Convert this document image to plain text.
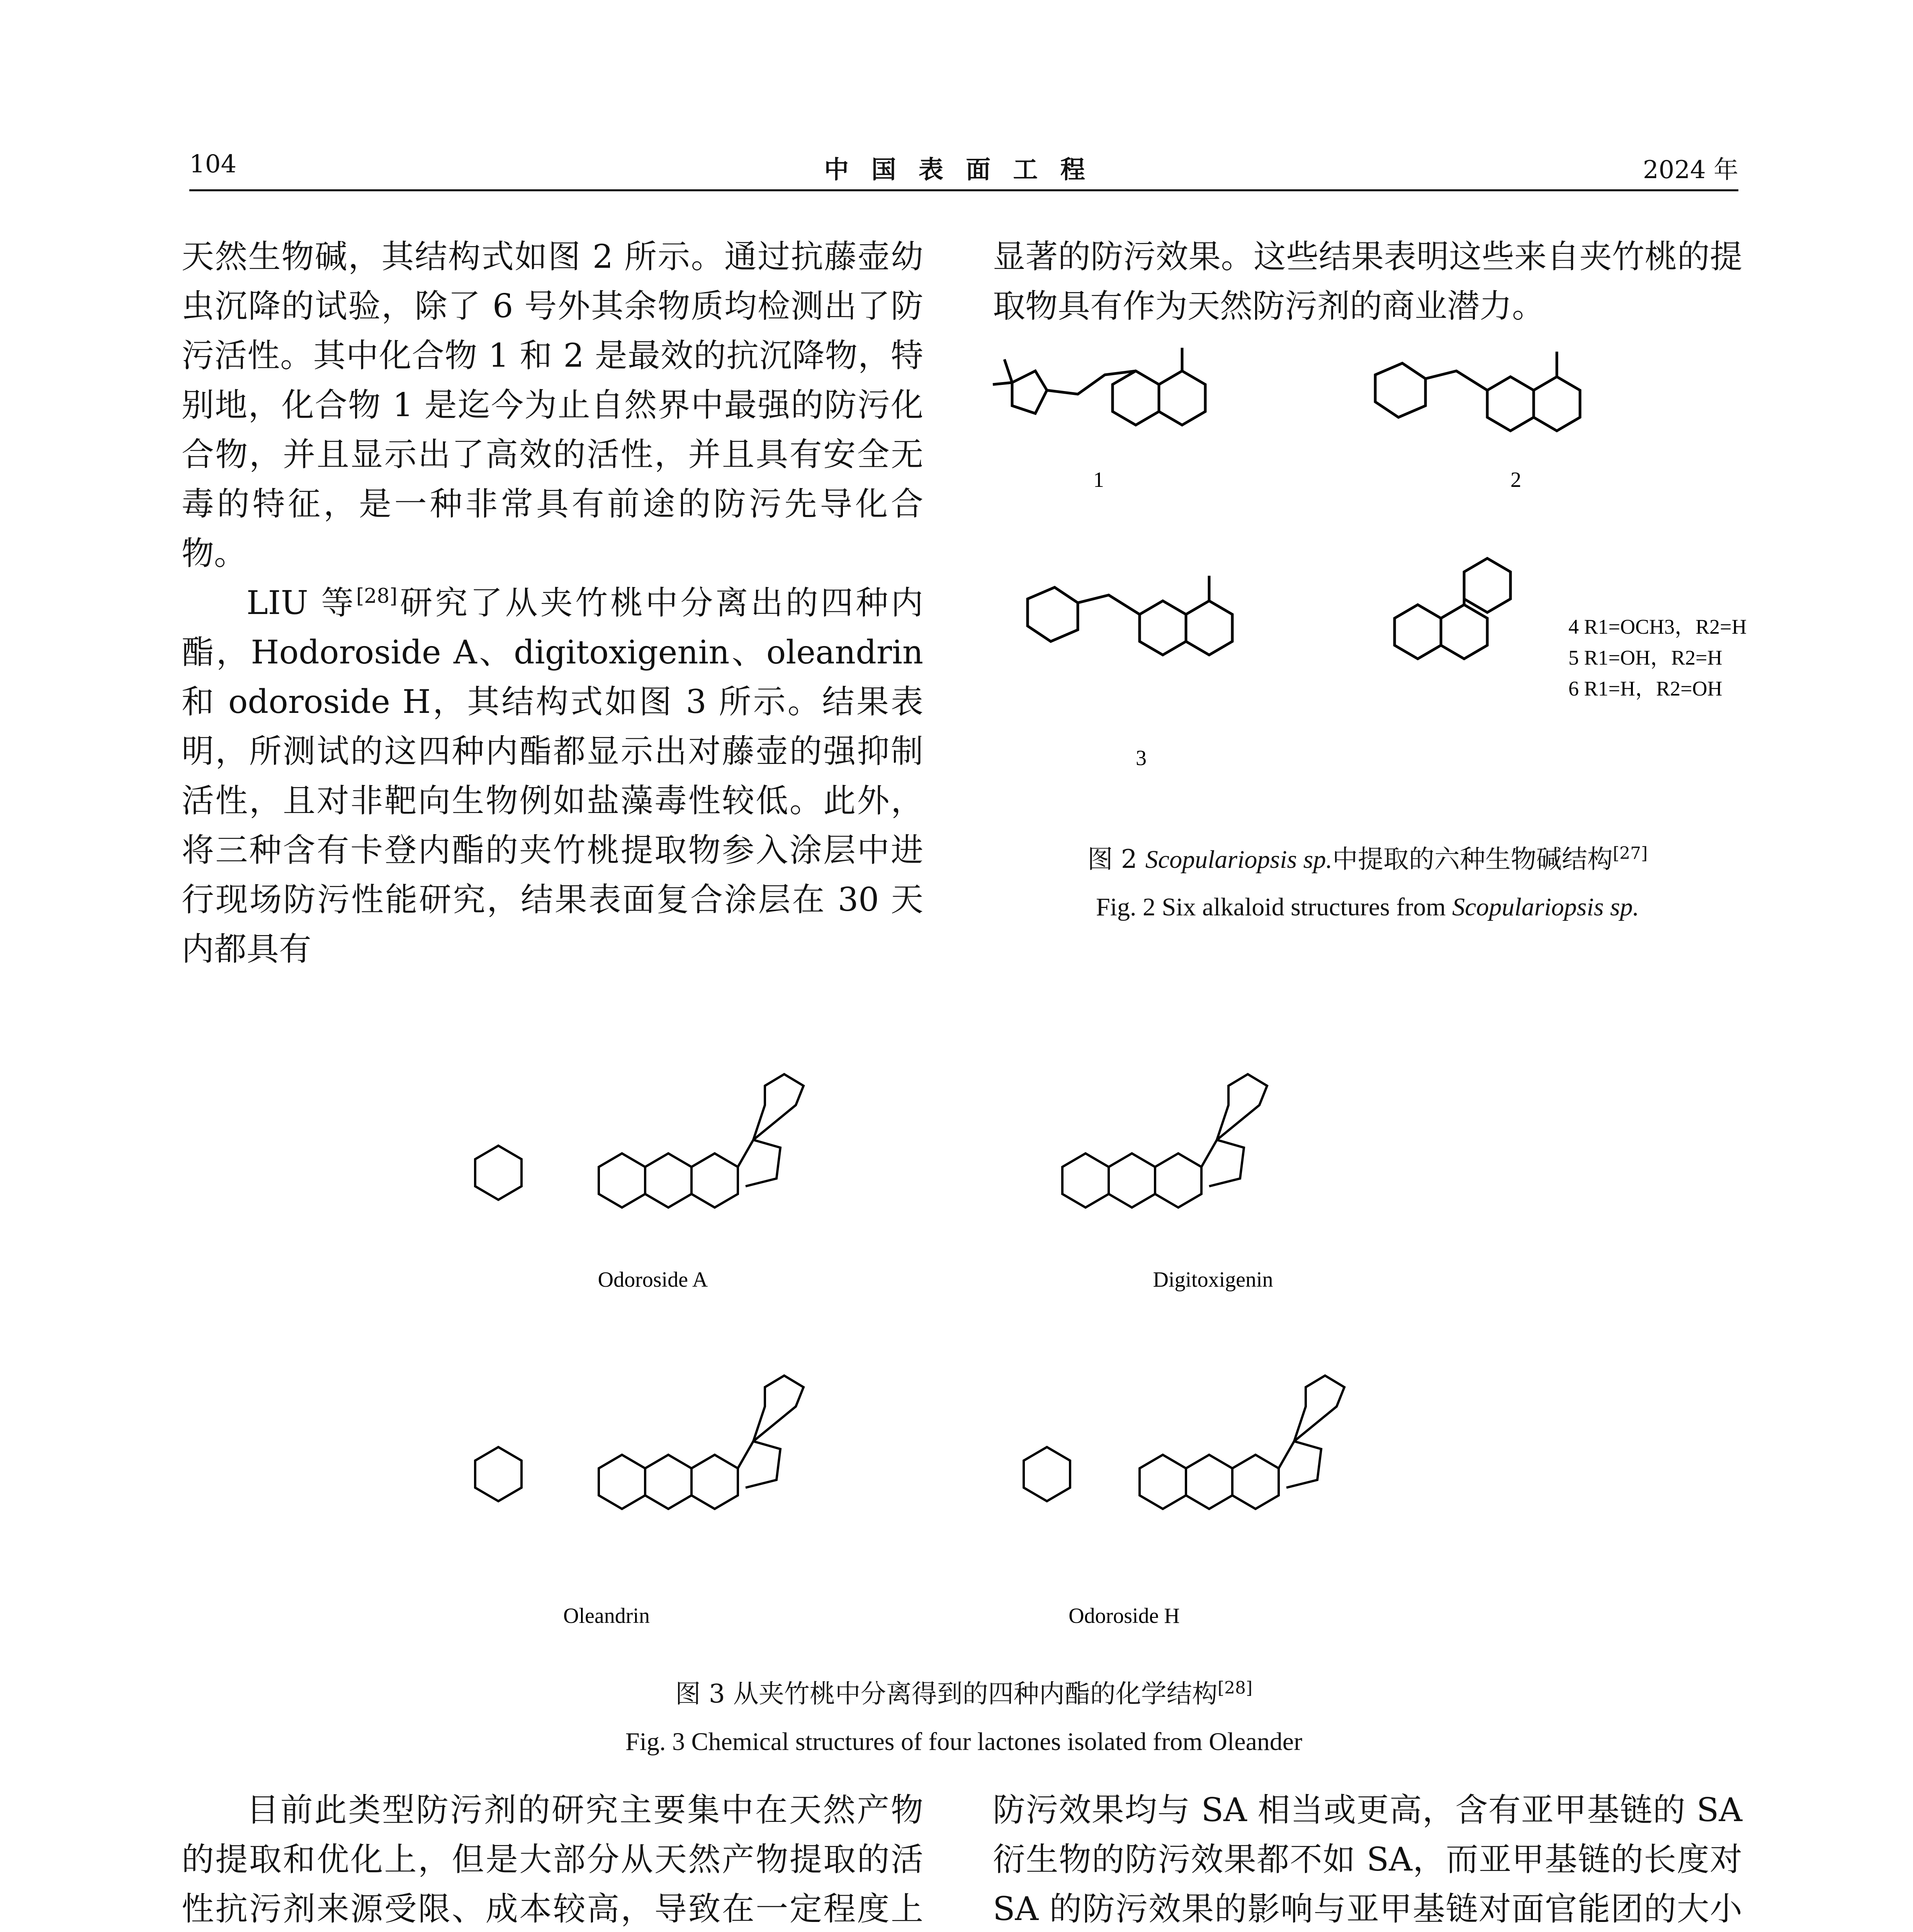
104	中 国 表 面 工 程	2024 年

天然生物碱，其结构式如图 2 所示。通过抗藤壶幼虫沉降的试验，除了 6 号外其余物质均检测出了防污活性。其中化合物 1 和 2 是最效的抗沉降物，特别地，化合物 1 是迄今为止自然界中最强的防污化合物，并且显示出了高效的活性，并且具有安全无毒的特征，是一种非常具有前途的防污先导化合物。

LIU 等[28]研究了从夹竹桃中分离出的四种内酯，Hodoroside A、digitoxigenin、oleandrin 和 odoroside H，其结构式如图 3 所示。结果表明，所测试的这四种内酯都显示出对藤壶的强抑制活性，且对非靶向生物例如盐藻毒性较低。此外，将三种含有卡登内酯的夹竹桃提取物参入涂层中进行现场防污性能研究，结果表面复合涂层在 30 天内都具有

显著的防污效果。这些结果表明这些来自夹竹桃的提取物具有作为天然防污剂的商业潜力。

1	2
3
4 R1=OCH3，R2=H
5 R1=OH，R2=H
6 R1=H，R2=OH
图 2 Scopulariopsis sp.中提取的六种生物碱结构[27]
Fig. 2 Six alkaloid structures from Scopulariopsis sp.
Odoroside A	Digitoxigenin
Oleandrin	Odoroside H
图 3 从夹竹桃中分离得到的四种内酯的化学结构[28]
Fig. 3 Chemical structures of four lactones isolated from Oleander

目前此类型防污剂的研究主要集中在天然产物的提取和优化上，但是大部分从天然产物提取的活性抗污剂来源受限、成本较高，导致在一定程度上

防污效果均与 SA 相当或更高，含有亚甲基链的 SA 衍生物的防污效果都不如 SA，而亚甲基链的长度对 SA 的防污效果的影响与亚甲基链对面官能团的大小
